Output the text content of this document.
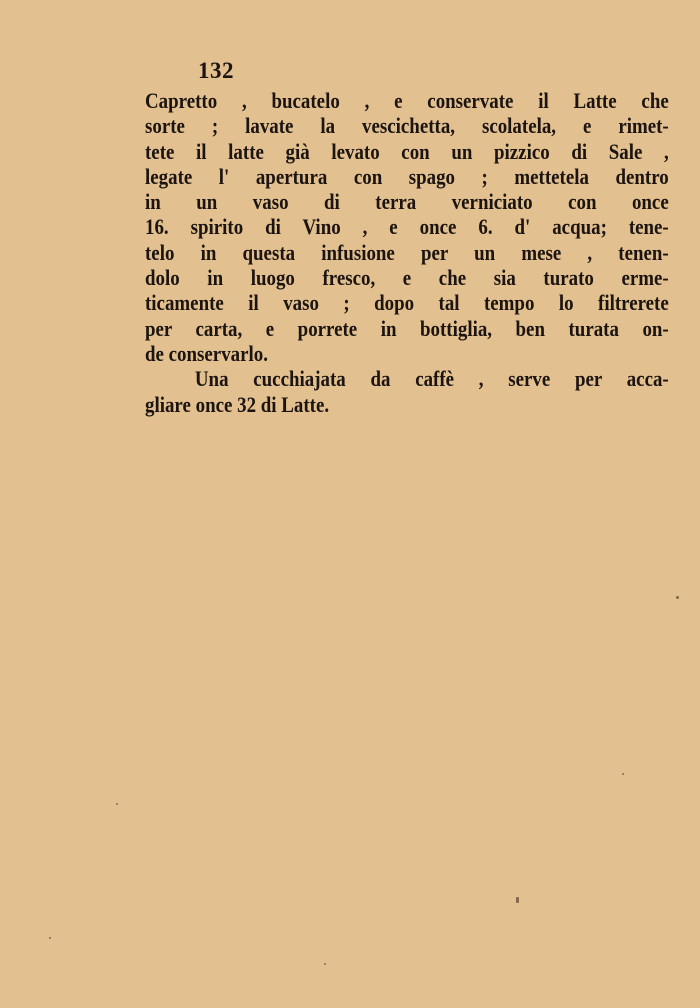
132
Capretto , bucatelo , e conservate il Latte che
sorte ; lavate la vescichetta, scolatela, e rimet-
tete il latte già levato con un pizzico di Sale ,
legate l' apertura con spago ; mettetela dentro
in un vaso di terra verniciato con once
16. spirito di Vino , e once 6. d' acqua; tene-
telo in questa infusione per un mese , tenen-
dolo in luogo fresco, e che sia turato erme-
ticamente il vaso ; dopo tal tempo lo filtrerete
per carta, e porrete in bottiglia, ben turata on-
de conservarlo.
Una cucchiajata da caffè , serve per acca-
gliare once 32 di Latte.
